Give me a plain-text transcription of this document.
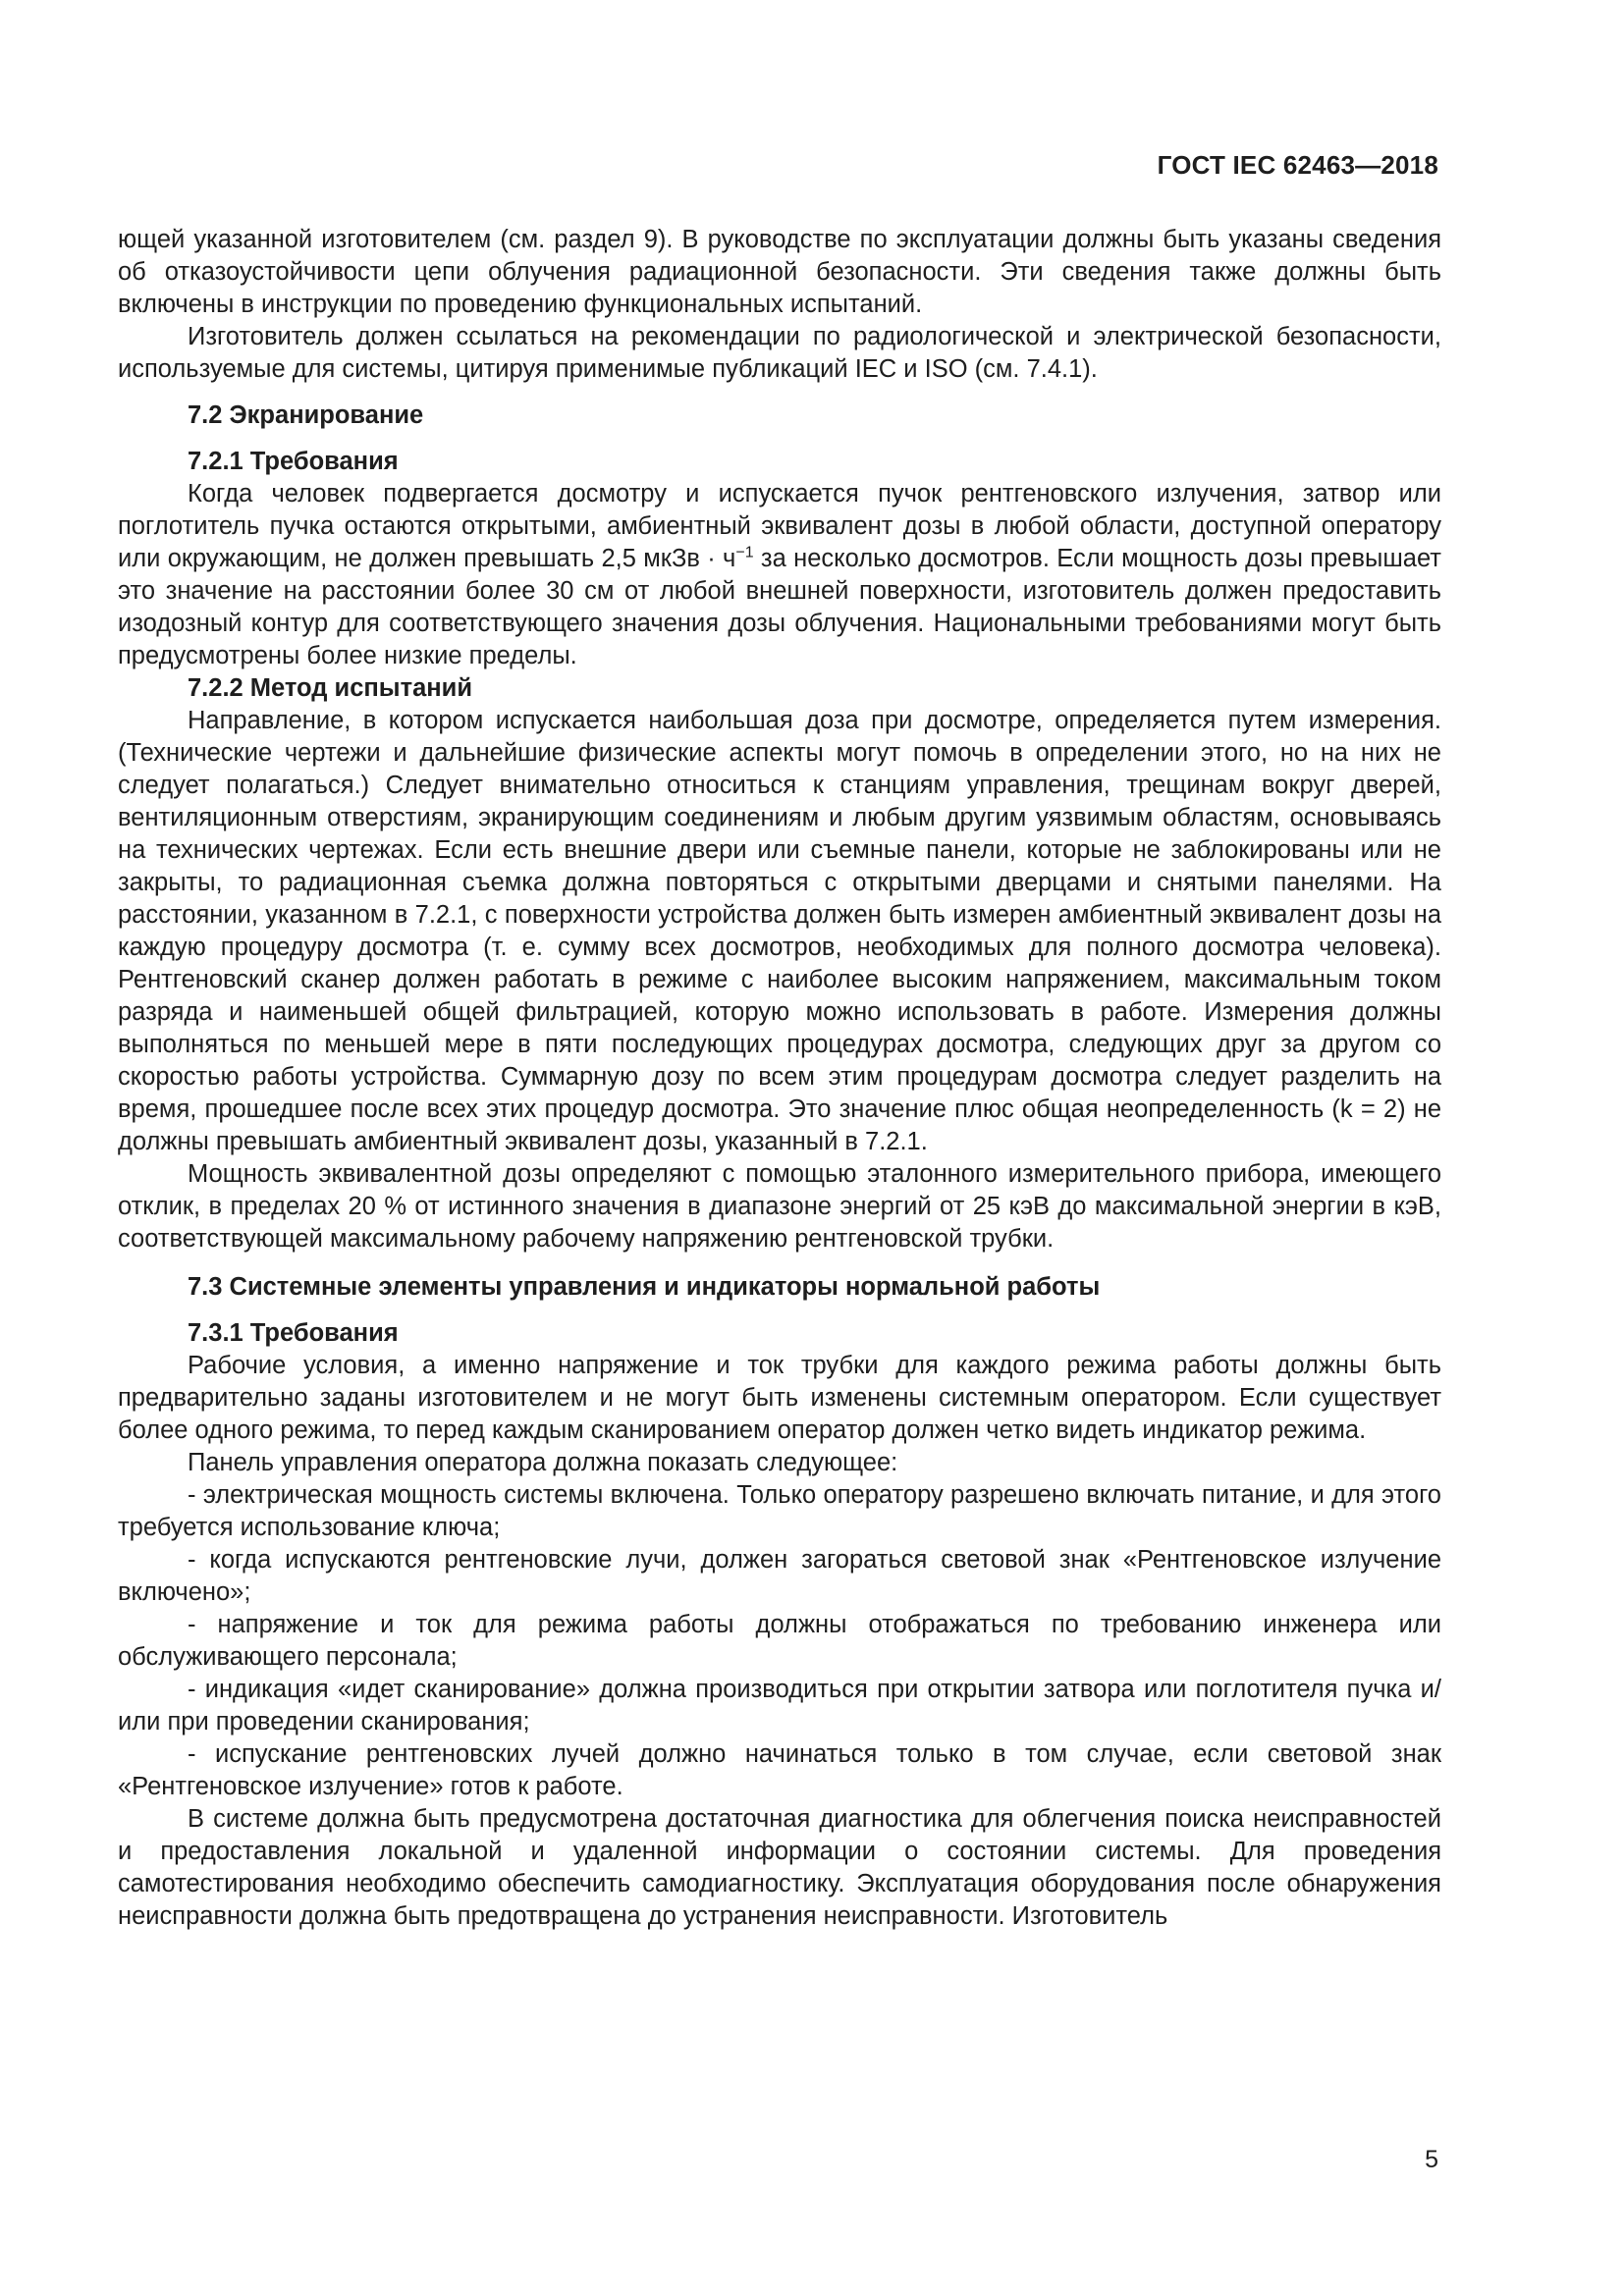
ГОСТ IEC 62463—2018

ющей указанной изготовителем (см. раздел 9). В руководстве по эксплуатации должны быть указаны сведения об отказоустойчивости цепи облучения радиационной безопасности. Эти сведения также должны быть включены в инструкции по проведению функциональных испытаний.

Изготовитель должен ссылаться на рекомендации по радиологической и электрической безопасности, используемые для системы, цитируя применимые публикаций IEC и ISO (см. 7.4.1).

7.2 Экранирование
7.2.1 Требования

Когда человек подвергается досмотру и испускается пучок рентгеновского излучения, затвор или поглотитель пучка остаются открытыми, амбиентный эквивалент дозы в любой области, доступной оператору или окружающим, не должен превышать 2,5 мкЗв · $ч^{-1}$ за несколько досмотров. Если мощность дозы превышает это значение на расстоянии более 30 см от любой внешней поверхности, изготовитель должен предоставить изодозный контур для соответствующего значения дозы облучения. Национальными требованиями могут быть предусмотрены более низкие пределы.

7.2.2 Метод испытаний

Направление, в котором испускается наибольшая доза при досмотре, определяется путем измерения. (Технические чертежи и дальнейшие физические аспекты могут помочь в определении этого, но на них не следует полагаться.) Следует внимательно относиться к станциям управления, трещинам вокруг дверей, вентиляционным отверстиям, экранирующим соединениям и любым другим уязвимым областям, основываясь на технических чертежах. Если есть внешние двери или съемные панели, которые не заблокированы или не закрыты, то радиационная съемка должна повторяться с открытыми дверцами и снятыми панелями. На расстоянии, указанном в 7.2.1, с поверхности устройства должен быть измерен амбиентный эквивалент дозы на каждую процедуру досмотра (т. е. сумму всех досмотров, необходимых для полного досмотра человека). Рентгеновский сканер должен работать в режиме с наиболее высоким напряжением, максимальным током разряда и наименьшей общей фильтрацией, которую можно использовать в работе. Измерения должны выполняться по меньшей мере в пяти последующих процедурах досмотра, следующих друг за другом со скоростью работы устройства. Суммарную дозу по всем этим процедурам досмотра следует разделить на время, прошедшее после всех этих процедур досмотра. Это значение плюс общая неопределенность (k = 2) не должны превышать амбиентный эквивалент дозы, указанный в 7.2.1.

Мощность эквивалентной дозы определяют с помощью эталонного измерительного прибора, имеющего отклик, в пределах 20 % от истинного значения в диапазоне энергий от 25 кэВ до максимальной энергии в кэВ, соответствующей максимальному рабочему напряжению рентгеновской трубки.

7.3 Системные элементы управления и индикаторы нормальной работы
7.3.1 Требования

Рабочие условия, а именно напряжение и ток трубки для каждого режима работы должны быть предварительно заданы изготовителем и не могут быть изменены системным оператором. Если существует более одного режима, то перед каждым сканированием оператор должен четко видеть индикатор режима.

Панель управления оператора должна показать следующее:

- электрическая мощность системы включена. Только оператору разрешено включать питание, и для этого требуется использование ключа;

- когда испускаются рентгеновские лучи, должен загораться световой знак «Рентгеновское излучение включено»;

- напряжение и ток для режима работы должны отображаться по требованию инженера или обслуживающего персонала;

- индикация «идет сканирование» должна производиться при открытии затвора или поглотителя пучка и/или при проведении сканирования;

- испускание рентгеновских лучей должно начинаться только в том случае, если световой знак «Рентгеновское излучение» готов к работе.

В системе должна быть предусмотрена достаточная диагностика для облегчения поиска неисправностей и предоставления локальной и удаленной информации о состоянии системы. Для проведения самотестирования необходимо обеспечить самодиагностику. Эксплуатация оборудования после обнаружения неисправности должна быть предотвращена до устранения неисправности. Изготовитель

5
